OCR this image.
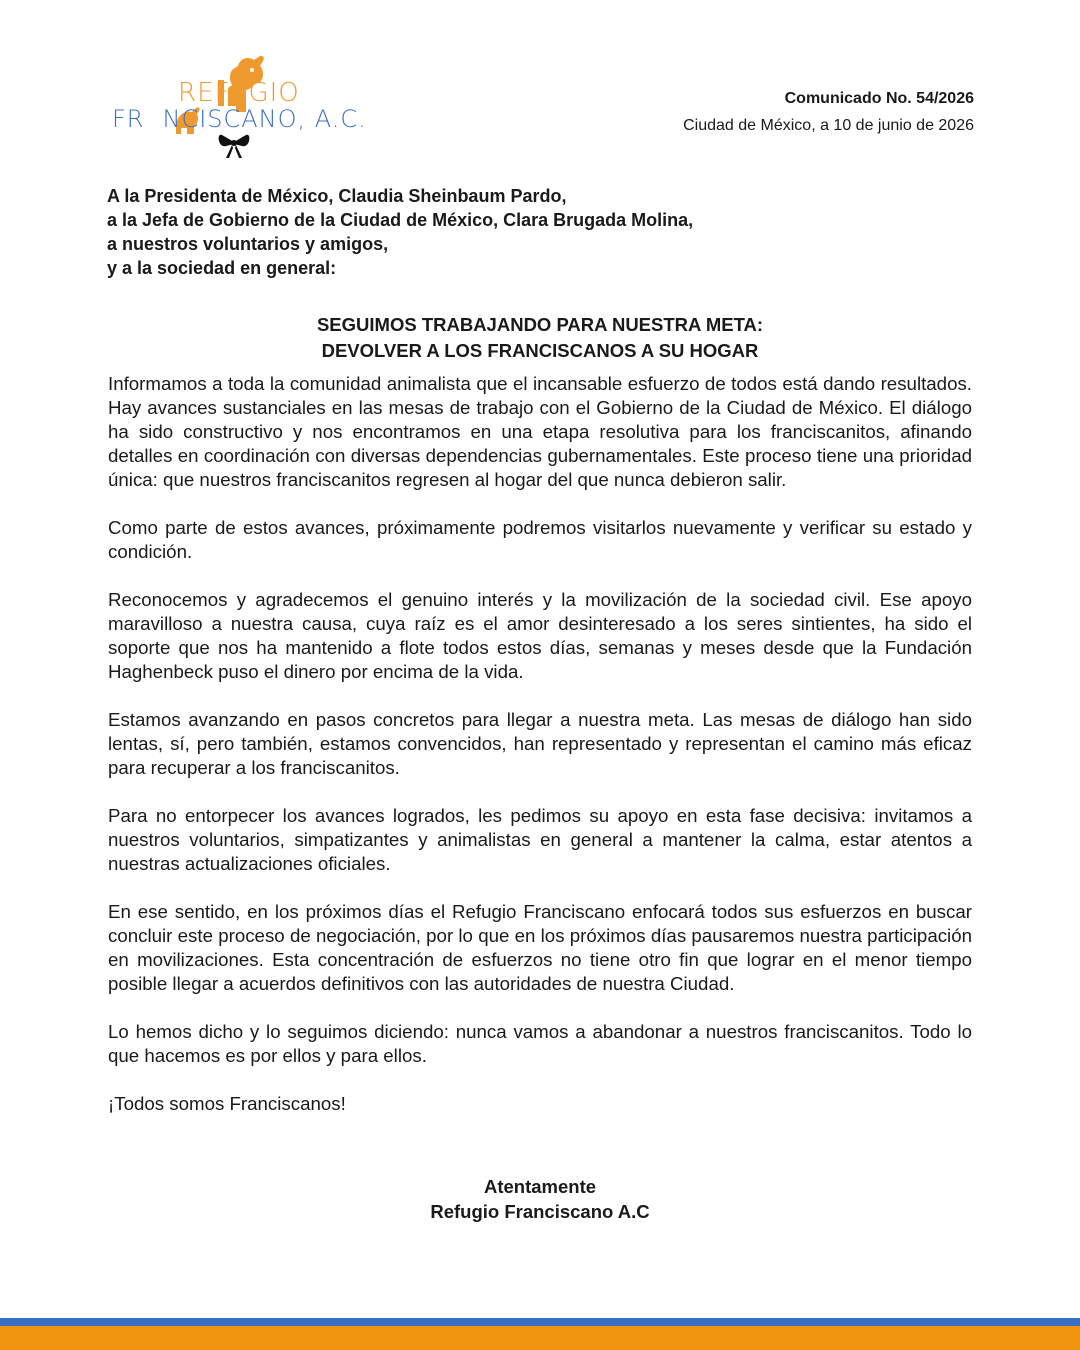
REF GIO
FR NCISCANO, A.C.
Comunicado No. 54/2026
Ciudad de México, a 10 de junio de 2026
A la Presidenta de México, Claudia Sheinbaum Pardo,
a la Jefa de Gobierno de la Ciudad de México, Clara Brugada Molina,
a nuestros voluntarios y amigos,
y a la sociedad en general:
SEGUIMOS TRABAJANDO PARA NUESTRA META:
DEVOLVER A LOS FRANCISCANOS A SU HOGAR

Informamos a toda la comunidad animalista que el incansable esfuerzo de todos está dando resultados. Hay avances sustanciales en las mesas de trabajo con el Gobierno de la Ciudad de México. El diálogo ha sido constructivo y nos encontramos en una etapa resolutiva para los franciscanitos, afinando detalles en coordinación con diversas dependencias gubernamentales. Este proceso tiene una prioridad única: que nuestros franciscanitos regresen al hogar del que nunca debieron salir.

Como parte de estos avances, próximamente podremos visitarlos nuevamente y verificar su estado y condición.

Reconocemos y agradecemos el genuino interés y la movilización de la sociedad civil. Ese apoyo maravilloso a nuestra causa, cuya raíz es el amor desinteresado a los seres sintientes, ha sido el soporte que nos ha mantenido a flote todos estos días, semanas y meses desde que la Fundación Haghenbeck puso el dinero por encima de la vida.

Estamos avanzando en pasos concretos para llegar a nuestra meta. Las mesas de diálogo han sido lentas, sí, pero también, estamos convencidos, han representado y representan el camino más eficaz para recuperar a los franciscanitos.

Para no entorpecer los avances logrados, les pedimos su apoyo en esta fase decisiva: invitamos a nuestros voluntarios, simpatizantes y animalistas en general a mantener la calma, estar atentos a nuestras actualizaciones oficiales.

En ese sentido, en los próximos días el Refugio Franciscano enfocará todos sus esfuerzos en buscar concluir este proceso de negociación, por lo que en los próximos días pausaremos nuestra participación en movilizaciones. Esta concentración de esfuerzos no tiene otro fin que lograr en el menor tiempo posible llegar a acuerdos definitivos con las autoridades de nuestra Ciudad.

Lo hemos dicho y lo seguimos diciendo: nunca vamos a abandonar a nuestros franciscanitos. Todo lo que hacemos es por ellos y para ellos.

¡Todos somos Franciscanos!

Atentamente
Refugio Franciscano A.C
